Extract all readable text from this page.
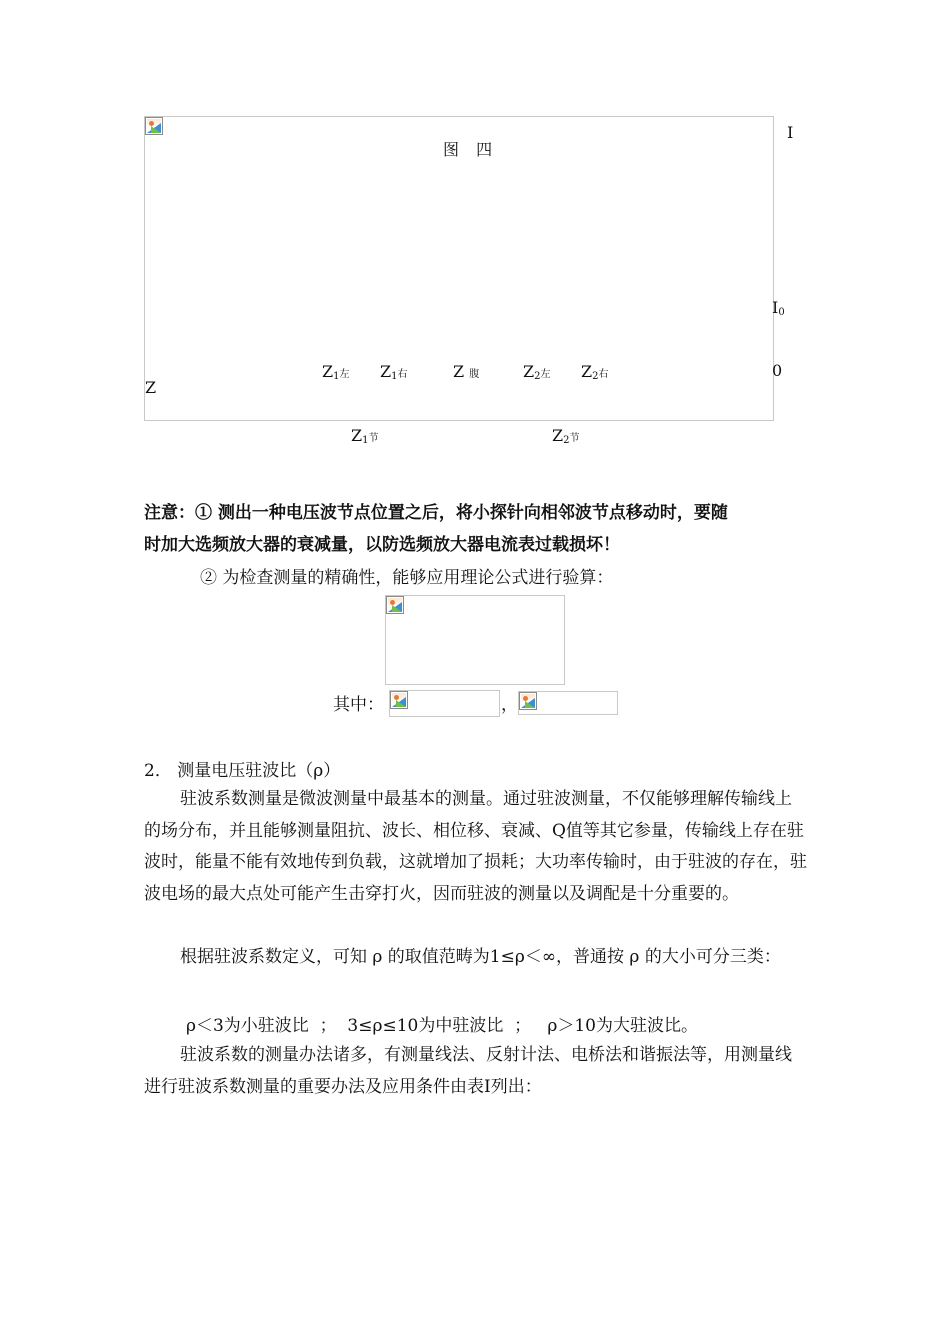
图 四
I
$I_0$
0
Z
$Z_1$左 $Z_1$右	Z 腹	$Z_2$左 $Z_2$右
$Z_1$节	$Z_2$节
注意：① 测出一种电压波节点位置之后，将小探针向相邻波节点移动时，要随
时加大选频放大器的衰减量，以防选频放大器电流表过载损坏！
② 为检查测量的精确性，能够应用理论公式进行验算：
其中：	，
2． 测量电压驻波比（ρ）
驻波系数测量是微波测量中最基本的测量。通过驻波测量，不仅能够理解传输线上的场分布，并且能够测量阻抗、波长、相位移、衰减、Q值等其它参量，传输线上存在驻波时，能量不能有效地传到负载，这就增加了损耗；大功率传输时，由于驻波的存在，驻波电场的最大点处可能产生击穿打火，因而驻波的测量以及调配是十分重要的。
根据驻波系数定义，可知 ρ 的取值范畴为1≤ρ＜∞，普通按 ρ 的大小可分三类：
ρ＜3为小驻波比  ；  3≤ρ≤10为中驻波比  ；   ρ＞10为大驻波比。
驻波系数的测量办法诸多，有测量线法、反射计法、电桥法和谐振法等，用测量线进行驻波系数测量的重要办法及应用条件由表Ⅰ列出：
